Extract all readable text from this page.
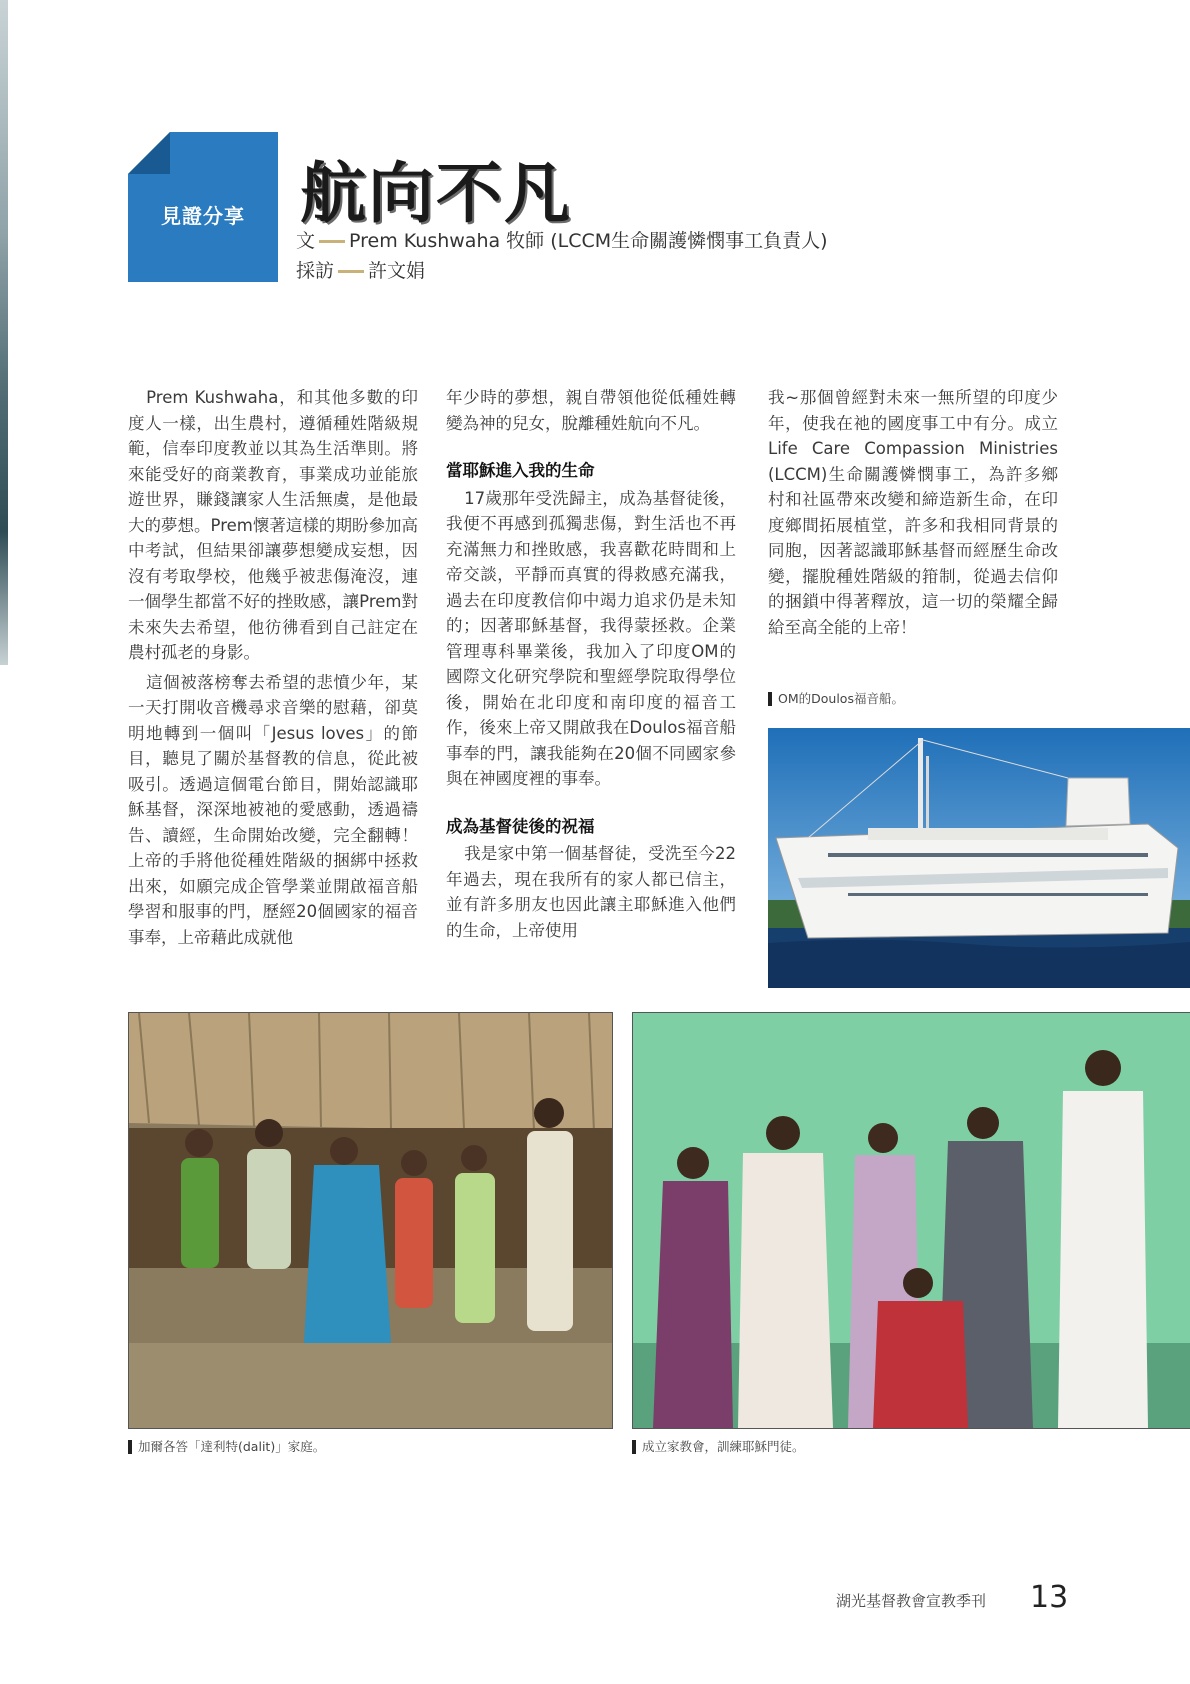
見證分享 航向不凡
文 Prem Kushwaha 牧師 (LCCM生命關護憐憫事工負責人)
採訪 許文娟

Prem Kushwaha，和其他多數的印度人一樣，出生農村，遵循種姓階級規範，信奉印度教並以其為生活準則。將來能受好的商業教育，事業成功並能旅遊世界，賺錢讓家人生活無虞，是他最大的夢想。Prem懷著這樣的期盼參加高中考試，但結果卻讓夢想變成妄想，因沒有考取學校，他幾乎被悲傷淹沒，連一個學生都當不好的挫敗感，讓Prem對未來失去希望，他彷彿看到自己註定在農村孤老的身影。

這個被落榜奪去希望的悲憤少年，某一天打開收音機尋求音樂的慰藉，卻莫明地轉到一個叫「Jesus loves」的節目，聽見了關於基督教的信息，從此被吸引。透過這個電台節目，開始認識耶穌基督，深深地被祂的愛感動，透過禱告、讀經，生命開始改變，完全翻轉！上帝的手將他從種姓階級的捆綁中拯救出來，如願完成企管學業並開啟福音船學習和服事的門，歷經20個國家的福音事奉，上帝藉此成就他

年少時的夢想，親自帶領他從低種姓轉變為神的兒女，脫離種姓航向不凡。

當耶穌進入我的生命

17歲那年受洗歸主，成為基督徒後，我便不再感到孤獨悲傷，對生活也不再充滿無力和挫敗感，我喜歡花時間和上帝交談，平靜而真實的得救感充滿我，過去在印度教信仰中竭力追求仍是未知的；因著耶穌基督，我得蒙拯救。企業管理專科畢業後，我加入了印度OM的國際文化研究學院和聖經學院取得學位後，開始在北印度和南印度的福音工作，後來上帝又開啟我在Doulos福音船事奉的門，讓我能夠在20個不同國家參與在神國度裡的事奉。

成為基督徒後的祝福

我是家中第一個基督徒，受洗至今22年過去，現在我所有的家人都已信主，並有許多朋友也因此讓主耶穌進入他們的生命，上帝使用

我~那個曾經對未來一無所望的印度少年，使我在祂的國度事工中有分。成立Life Care Compassion Ministries (LCCM)生命關護憐憫事工，為許多鄉村和社區帶來改變和締造新生命，在印度鄉間拓展植堂，許多和我相同背景的同胞，因著認識耶穌基督而經歷生命改變，擺脫種姓階級的箝制，從過去信仰的捆鎖中得著釋放，這一切的榮耀全歸給至高全能的上帝！

OM的Doulos福音船。
加爾各答「達利特(dalit)」家庭。	成立家教會，訓練耶穌門徒。
湖光基督教會宣教季刊 13
